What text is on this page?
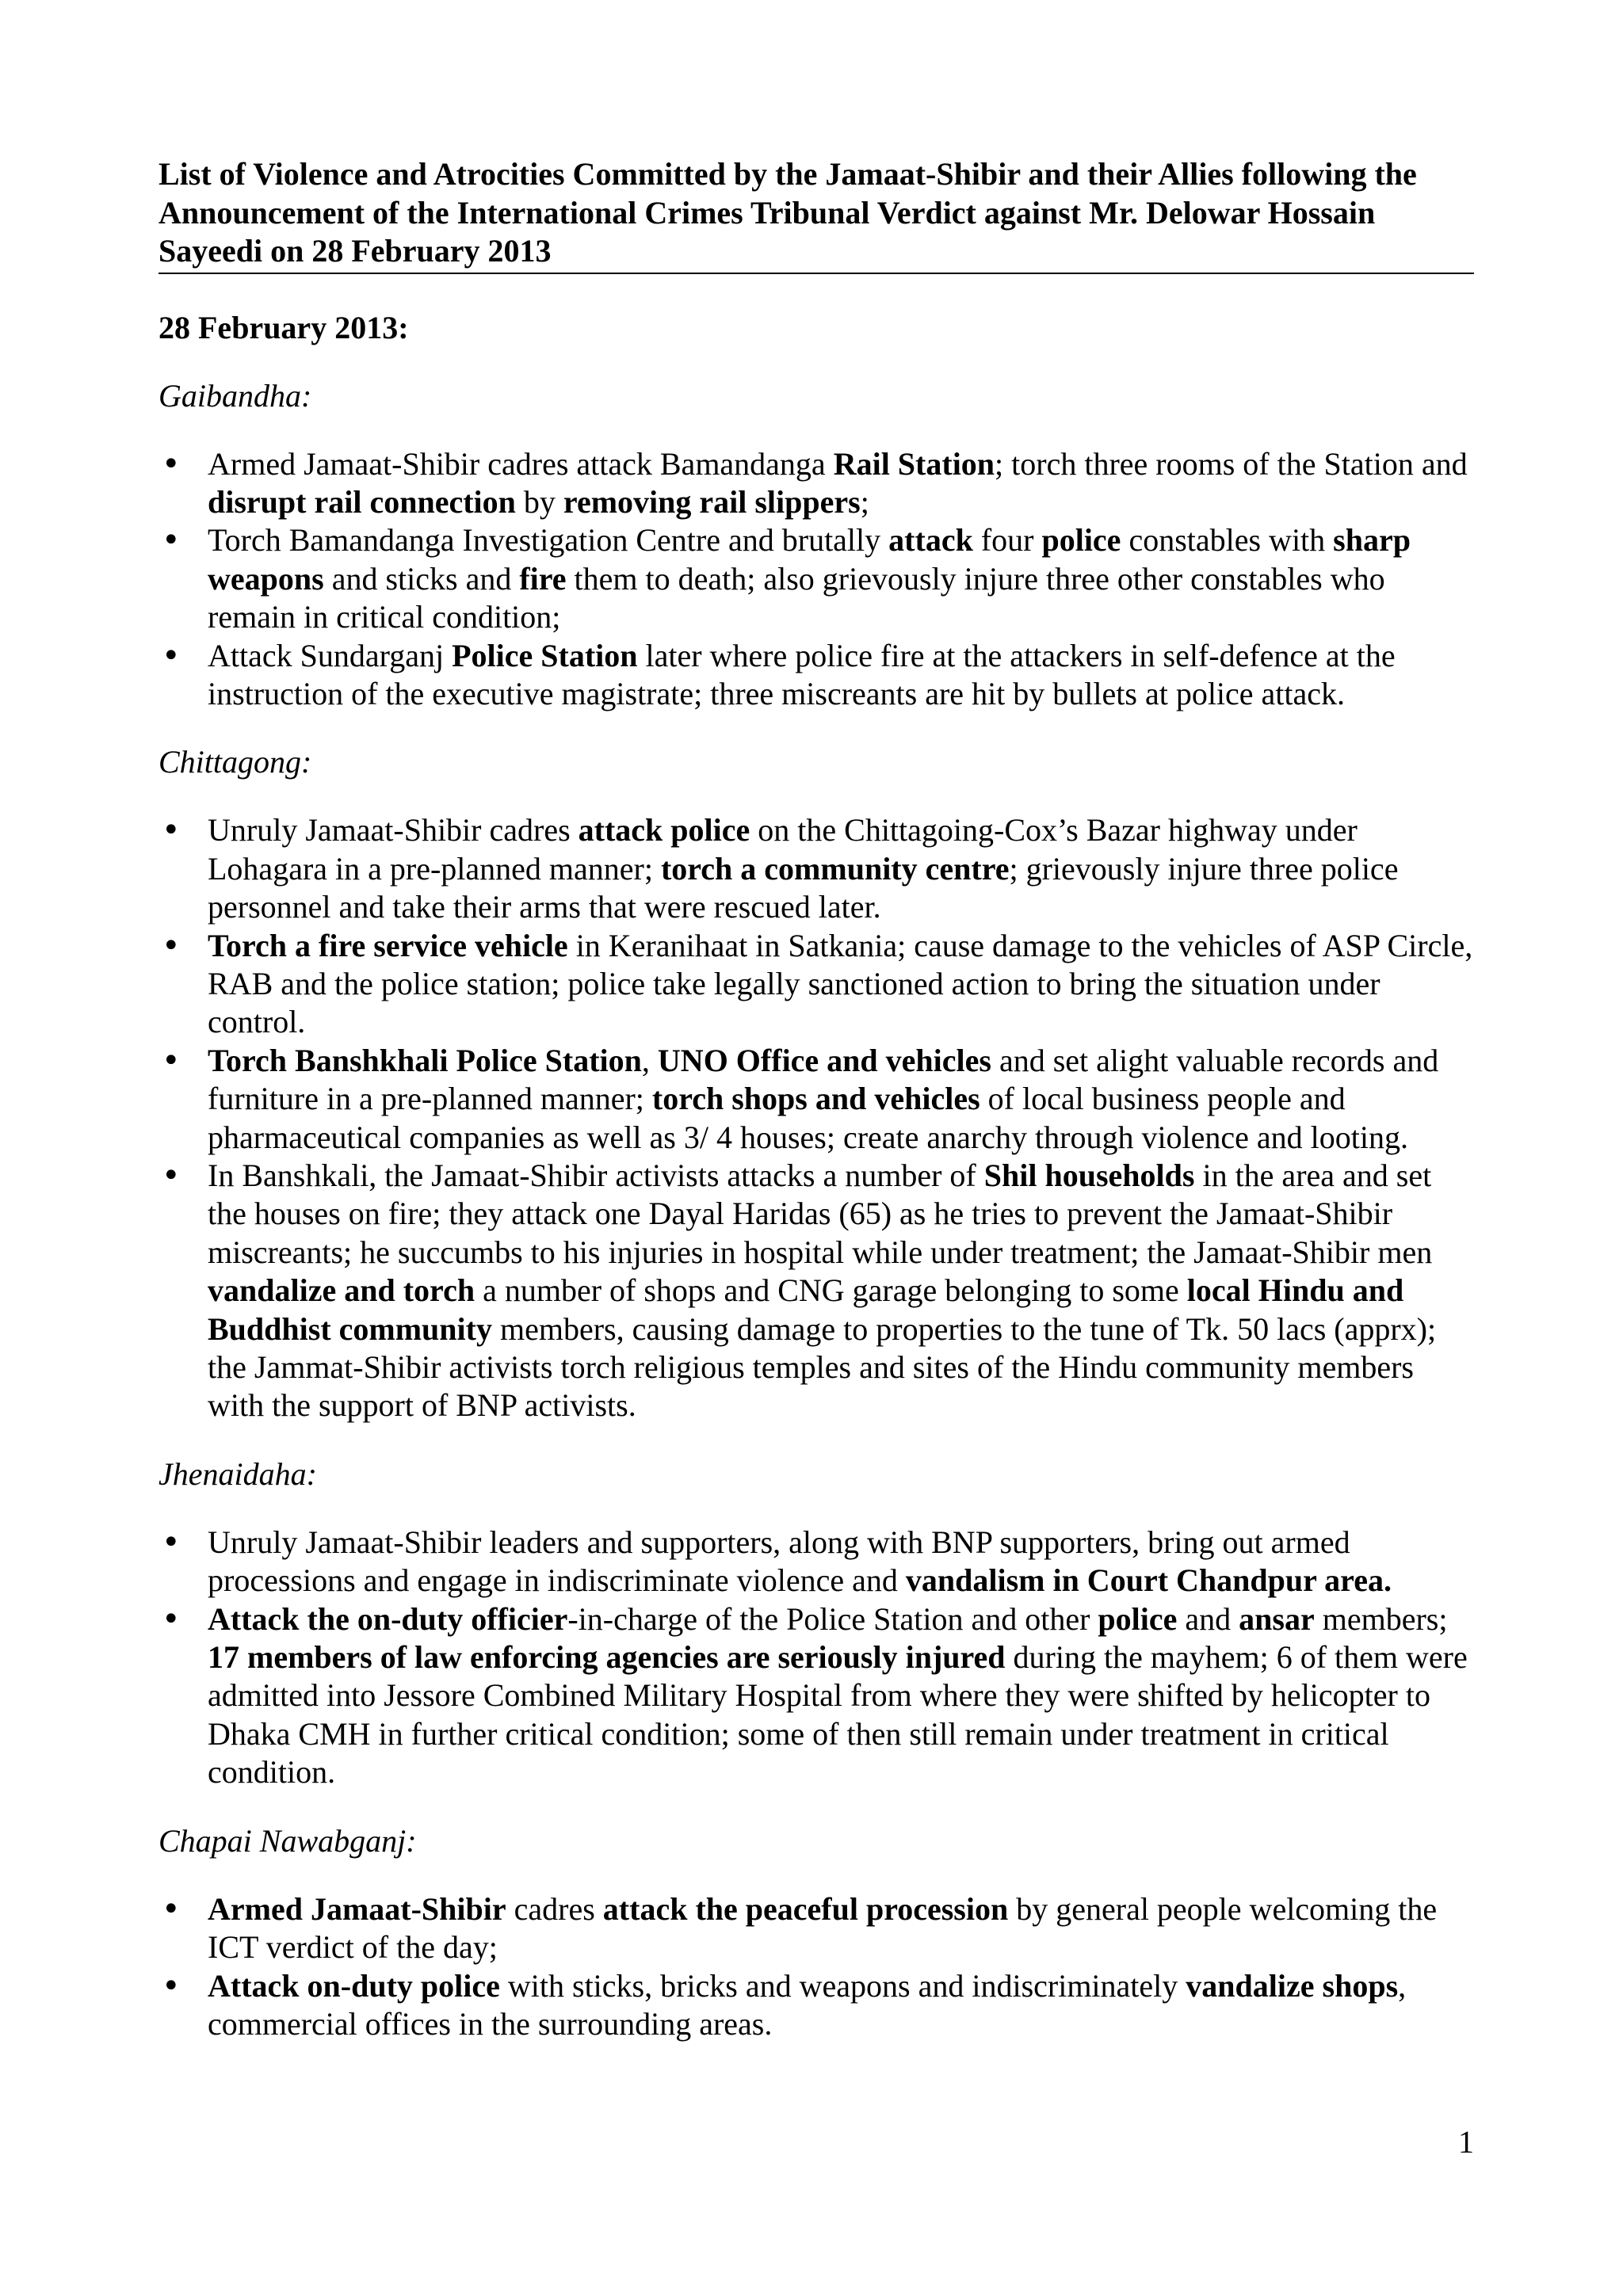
List of Violence and Atrocities Committed by the Jamaat-Shibir and their Allies following the Announcement of the International Crimes Tribunal Verdict against Mr. Delowar Hossain Sayeedi on 28 February 2013
28 February 2013:
Gaibandha:
• Armed Jamaat-Shibir cadres attack Bamandanga Rail Station; torch three rooms of the Station and disrupt rail connection by removing rail slippers;
• Torch Bamandanga Investigation Centre and brutally attack four police constables with sharp weapons and sticks and fire them to death; also grievously injure three other constables who remain in critical condition;
• Attack Sundarganj Police Station later where police fire at the attackers in self-defence at the instruction of the executive magistrate; three miscreants are hit by bullets at police attack.
Chittagong:
• Unruly Jamaat-Shibir cadres attack police on the Chittagoing-Cox’s Bazar highway under Lohagara in a pre-planned manner; torch a community centre; grievously injure three police personnel and take their arms that were rescued later.
• Torch a fire service vehicle in Keranihaat in Satkania; cause damage to the vehicles of ASP Circle, RAB and the police station; police take legally sanctioned action to bring the situation under control.
• Torch Banshkhali Police Station, UNO Office and vehicles and set alight valuable records and furniture in a pre-planned manner; torch shops and vehicles of local business people and pharmaceutical companies as well as 3/ 4 houses; create anarchy through violence and looting.
• In Banshkali, the Jamaat-Shibir activists attacks a number of Shil households in the area and set the houses on fire; they attack one Dayal Haridas (65) as he tries to prevent the Jamaat-Shibir miscreants; he succumbs to his injuries in hospital while under treatment; the Jamaat-Shibir men vandalize and torch a number of shops and CNG garage belonging to some local Hindu and Buddhist community members, causing damage to properties to the tune of Tk. 50 lacs (apprx); the Jammat-Shibir activists torch religious temples and sites of the Hindu community members with the support of BNP activists.
Jhenaidaha:
• Unruly Jamaat-Shibir leaders and supporters, along with BNP supporters, bring out armed processions and engage in indiscriminate violence and vandalism in Court Chandpur area.
• Attack the on-duty officier-in-charge of the Police Station and other police and ansar members; 17 members of law enforcing agencies are seriously injured during the mayhem; 6 of them were admitted into Jessore Combined Military Hospital from where they were shifted by helicopter to Dhaka CMH in further critical condition; some of then still remain under treatment in critical condition.
Chapai Nawabganj:
• Armed Jamaat-Shibir cadres attack the peaceful procession by general people welcoming the ICT verdict of the day;
• Attack on-duty police with sticks, bricks and weapons and indiscriminately vandalize shops, commercial offices in the surrounding areas.
1
